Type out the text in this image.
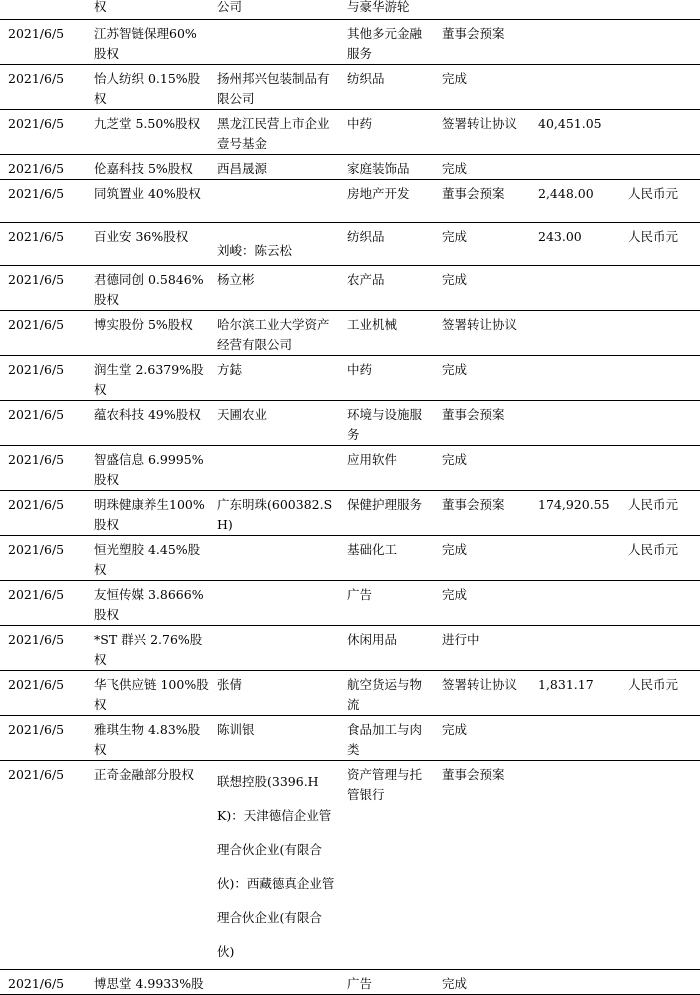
	权	公司	与豪华游轮			
2021/6/5	江苏智链保理60%股权		其他多元金融服务	董事会预案		
2021/6/5	怡人纺织 0.15%股权	扬州邦兴包装制品有限公司	纺织品	完成		
2021/6/5	九芝堂 5.50%股权	黑龙江民营上市企业壹号基金	中药	签署转让协议	40,451.05	
2021/6/5	伦嘉科技 5%股权	西昌晟源	家庭装饰品	完成		
2021/6/5	同筑置业 40%股权		房地产开发	董事会预案	2,448.00	人民币元
2021/6/5	百业安 36%股权	刘峻：陈云松	纺织品	完成	243.00	人民币元
2021/6/5	君德同创 0.5846%股权	杨立彬	农产品	完成		
2021/6/5	博实股份 5%股权	哈尔滨工业大学资产经营有限公司	工业机械	签署转让协议		
2021/6/5	润生堂 2.6379%股权	方鋕	中药	完成		
2021/6/5	蕴农科技 49%股权	天圃农业	环境与设施服务	董事会预案		
2021/6/5	智盛信息 6.9995%股权		应用软件	完成		
2021/6/5	明珠健康养生100%股权	广东明珠(600382.SH)	保健护理服务	董事会预案	174,920.55	人民币元
2021/6/5	恒光塑胶 4.45%股权		基础化工	完成		人民币元
2021/6/5	友恒传媒 3.8666%股权		广告	完成		
2021/6/5	*ST 群兴 2.76%股权		休闲用品	进行中		
2021/6/5	华飞供应链 100%股权	张倩	航空货运与物流	签署转让协议	1,831.17	人民币元
2021/6/5	雅琪生物 4.83%股权	陈训银	食品加工与肉类	完成		
2021/6/5	正奇金融部分股权	联想控股(3396.HK)：天津德信企业管理合伙企业(有限合伙)：西藏德真企业管理合伙企业(有限合伙)	资产管理与托管银行	董事会预案		
2021/6/5	博思堂 4.9933%股		广告	完成		
